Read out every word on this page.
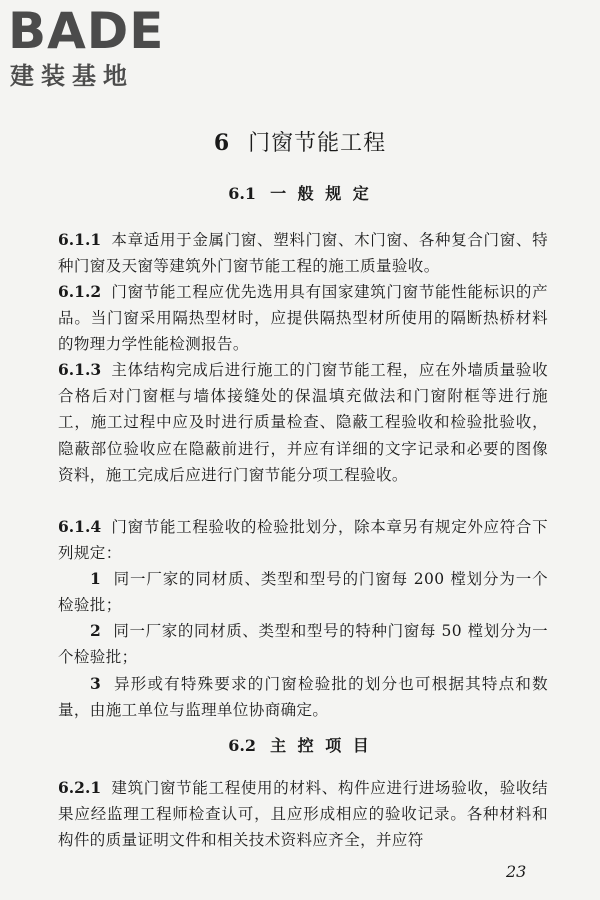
BADE
建装基地
6 门窗节能工程
6.1 一 般 规 定
6.1.1 本章适用于金属门窗、塑料门窗、木门窗、各种复合门窗、特种门窗及天窗等建筑外门窗节能工程的施工质量验收。
6.1.2 门窗节能工程应优先选用具有国家建筑门窗节能性能标识的产品。当门窗采用隔热型材时，应提供隔热型材所使用的隔断热桥材料的物理力学性能检测报告。
6.1.3 主体结构完成后进行施工的门窗节能工程，应在外墙质量验收合格后对门窗框与墙体接缝处的保温填充做法和门窗附框等进行施工，施工过程中应及时进行质量检查、隐蔽工程验收和检验批验收，隐蔽部位验收应在隐蔽前进行，并应有详细的文字记录和必要的图像资料，施工完成后应进行门窗节能分项工程验收。
6.1.4 门窗节能工程验收的检验批划分，除本章另有规定外应符合下列规定：
1 同一厂家的同材质、类型和型号的门窗每 200 樘划分为一个检验批；
2 同一厂家的同材质、类型和型号的特种门窗每 50 樘划分为一个检验批；
3 异形或有特殊要求的门窗检验批的划分也可根据其特点和数量，由施工单位与监理单位协商确定。
6.2 主 控 项 目
6.2.1 建筑门窗节能工程使用的材料、构件应进行进场验收，验收结果应经监理工程师检查认可，且应形成相应的验收记录。各种材料和构件的质量证明文件和相关技术资料应齐全，并应符
23
